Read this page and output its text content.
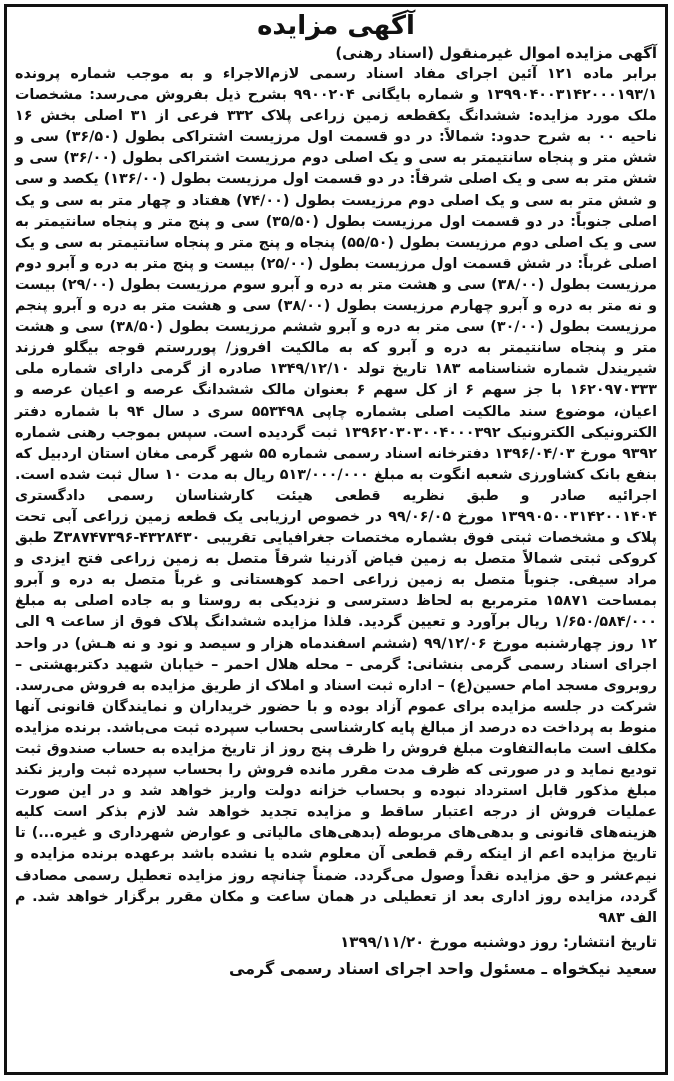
آگهی مزایده

آگهی مزایده اموال غیرمنقول (اسناد رهنی)

برابر ماده ۱۲۱ آئین اجرای مفاد اسناد رسمی لازم‌الاجراء و به موجب شماره پرونده ۱۳۹۹۰۴۰۰۳۱۴۲۰۰۰۱۹۳/۱ و شماره بایگانی ۹۹۰۰۲۰۴ بشرح ذیل بفروش می‌رسد: مشخصات ملک مورد مزایده: ششدانگ یکقطعه زمین زراعی پلاک ۳۳۲ فرعی از ۳۱ اصلی بخش ۱۶ ناحیه ۰۰ به شرح حدود: شمالاً: در دو قسمت اول مرزیست اشتراکی بطول (۳۶/۵۰) سی و شش متر و پنجاه سانتیمتر به سی و یک اصلی دوم مرزیست اشتراکی بطول (۳۶/۰۰) سی و شش متر به سی و یک اصلی شرقاً: در دو قسمت اول مرزیست بطول (۱۳۶/۰۰) یکصد و سی و شش متر به سی و یک اصلی دوم مرزیست بطول (۷۴/۰۰) هفتاد و چهار متر به سی و یک اصلی جنوباً: در دو قسمت اول مرزیست بطول (۳۵/۵۰) سی و پنج متر و پنجاه سانتیمتر به سی و یک اصلی دوم مرزیست بطول (۵۵/۵۰) پنجاه و پنج متر و پنجاه سانتیمتر به سی و یک اصلی غرباً: در شش قسمت اول مرزیست بطول (۲۵/۰۰) بیست و پنج متر به دره و آبرو دوم مرزیست بطول (۳۸/۰۰) سی و هشت متر به دره و آبرو سوم مرزیست بطول (۲۹/۰۰) بیست و نه متر به دره و آبرو چهارم مرزیست بطول (۳۸/۰۰) سی و هشت متر به دره و آبرو پنجم مرزیست بطول (۳۰/۰۰) سی متر به دره و آبرو ششم مرزیست بطول (۳۸/۵۰) سی و هشت متر و پنجاه سانتیمتر به دره و آبرو که به مالکیت افروز/ پوررستم قوجه بیگلو فرزند شیریندل شماره شناسنامه ۱۸۳ تاریخ تولد ۱۳۴۹/۱۲/۱۰ صادره از گرمی دارای شماره ملی ۱۶۲۰۹۷۰۳۳۳ با جز سهم ۶ از کل سهم ۶ بعنوان مالک ششدانگ عرصه و اعیان عرصه و اعیان، موضوع سند مالکیت اصلی بشماره چاپی ۵۵۳۴۹۸ سری د سال ۹۴ با شماره دفتر الکترونیکی الکترونیک ۱۳۹۶۲۰۳۰۳۰۰۴۰۰۰۳۹۲ ثبت گردیده است. سپس بموجب رهنی شماره ۹۳۹۲ مورخ ۱۳۹۶/۰۴/۰۳ دفترخانه اسناد رسمی شماره ۵۵ شهر گرمی مغان استان اردبیل که بنفع بانک کشاورزی شعبه انگوت به مبلغ ۵۱۳/۰۰۰/۰۰۰ ریال به مدت ۱۰ سال ثبت شده است. اجرائیه صادر و طبق نظریه قطعی هیئت کارشناسان رسمی دادگستری ۱۳۹۹۰۵۰۰۳۱۴۲۰۰۱۴۰۴ مورخ ۹۹/۰۶/۰۵ در خصوص ارزیابی یک قطعه زمین زراعی آبی تحت پلاک و مشخصات ثبتی فوق بشماره مختصات جغرافیایی تقریبی ۴۳۲۸۴۳۰-Z۳۸۷۴۷۳۹۶ طبق کروکی ثبتی شمالاً متصل به زمین فیاض آذرنیا شرقاً متصل به زمین زراعی فتح ایزدی و مراد سیفی. جنوباً متصل به زمین زراعی احمد کوهستانی و غرباً متصل به دره و آبرو بمساحت ۱۵۸۷۱ مترمربع به لحاظ دسترسی و نزدیکی به روستا و به جاده اصلی به مبلغ ۱/۶۵۰/۵۸۴/۰۰۰ ریال برآورد و تعیین گردید. فلذا مزایده ششدانگ پلاک فوق از ساعت ۹ الی ۱۲ روز چهارشنبه مورخ ۹۹/۱۲/۰۶ (ششم اسفندماه هزار و سیصد و نود و نه هـش) در واحد اجرای اسناد رسمی گرمی بنشانی: گرمی – محله هلال احمر – خیابان شهید دکتربهشتی – روبروی مسجد امام حسین(ع) – اداره ثبت اسناد و املاک از طریق مزایده به فروش می‌رسد. شرکت در جلسه مزایده برای عموم آزاد بوده و با حضور خریداران و نمایندگان قانونی آنها منوط به پرداخت ده درصد از مبالغ پایه کارشناسی بحساب سپرده ثبت می‌باشد. برنده مزایده مکلف است مابه‌التفاوت مبلغ فروش را ظرف پنج روز از تاریخ مزایده به حساب صندوق ثبت تودیع نماید و در صورتی که ظرف مدت مقرر مانده فروش را بحساب سپرده ثبت واریز نکند مبلغ مذکور قابل استرداد نبوده و بحساب خزانه دولت واریز خواهد شد و در این صورت عملیات فروش از درجه اعتبار ساقط و مزایده تجدید خواهد شد لازم بذکر است کلیه هزینه‌های قانونی و بدهی‌های مربوطه (بدهی‌های مالیاتی و عوارض شهرداری و غیره...) تا تاریخ مزایده اعم از اینکه رقم قطعی آن معلوم شده یا نشده باشد برعهده برنده مزایده و نیم‌عشر و حق مزایده نقداً وصول می‌گردد. ضمناً چنانچه روز مزایده تعطیل رسمی مصادف گردد، مزایده روز اداری بعد از تعطیلی در همان ساعت و مکان مقرر برگزار خواهد شد. م الف ۹۸۳

تاریخ انتشار: روز دوشنبه مورخ ۱۳۹۹/۱۱/۲۰

سعید نیکخواه ـ مسئول واحد اجرای اسناد رسمی گرمی
